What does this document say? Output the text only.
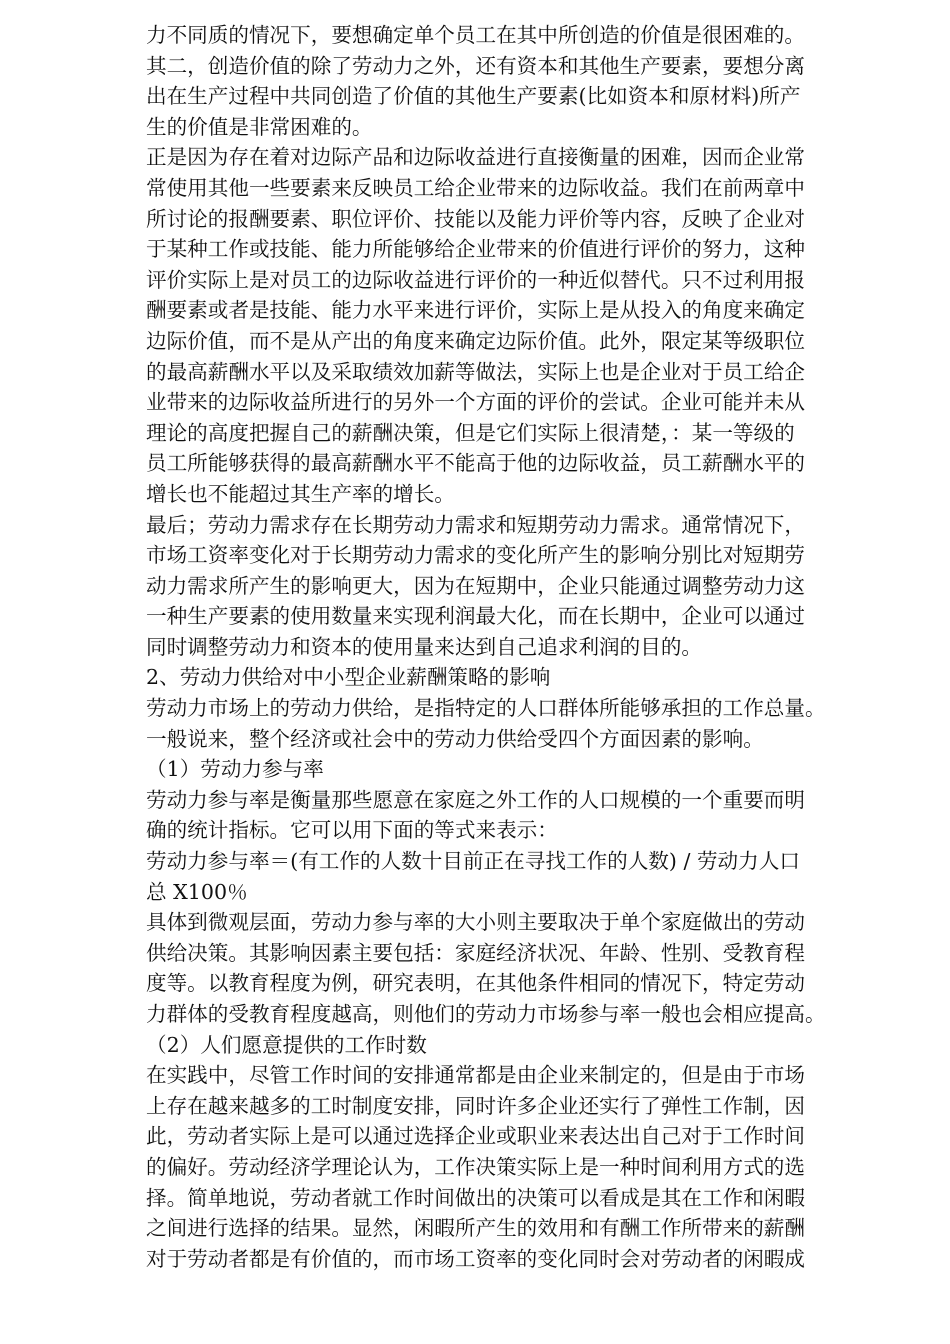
力不同质的情况下，要想确定单个员工在其中所创造的价值是很困难的。
其二，创造价值的除了劳动力之外，还有资本和其他生产要素，要想分离
出在生产过程中共同创造了价值的其他生产要素(比如资本和原材料)所产
生的价值是非常困难的。
正是因为存在着对边际产品和边际收益进行直接衡量的困难，因而企业常
常使用其他一些要素来反映员工给企业带来的边际收益。我们在前两章中
所讨论的报酬要素、职位评价、技能以及能力评价等内容，反映了企业对
于某种工作或技能、能力所能够给企业带来的价值进行评价的努力，这种
评价实际上是对员工的边际收益进行评价的一种近似替代。只不过利用报
酬要素或者是技能、能力水平来进行评价，实际上是从投入的角度来确定
边际价值，而不是从产出的角度来确定边际价值。此外，限定某等级职位
的最高薪酬水平以及采取绩效加薪等做法，实际上也是企业对于员工给企
业带来的边际收益所进行的另外一个方面的评价的尝试。企业可能并未从
理论的高度把握自己的薪酬决策，但是它们实际上很清楚，：某一等级的
员工所能够获得的最高薪酬水平不能高于他的边际收益，员工薪酬水平的
增长也不能超过其生产率的增长。
最后；劳动力需求存在长期劳动力需求和短期劳动力需求。通常情况下，
市场工资率变化对于长期劳动力需求的变化所产生的影响分别比对短期劳
动力需求所产生的影响更大，因为在短期中，企业只能通过调整劳动力这
一种生产要素的使用数量来实现利润最大化，而在长期中，企业可以通过
同时调整劳动力和资本的使用量来达到自己追求利润的目的。
2、劳动力供给对中小型企业薪酬策略的影响
劳动力市场上的劳动力供给，是指特定的人口群体所能够承担的工作总量。
一般说来，整个经济或社会中的劳动力供给受四个方面因素的影响。
（1）劳动力参与率
劳动力参与率是衡量那些愿意在家庭之外工作的人口规模的一个重要而明
确的统计指标。它可以用下面的等式来表示：
劳动力参与率＝(有工作的人数十目前正在寻找工作的人数) / 劳动力人口
总 X100％
具体到微观层面，劳动力参与率的大小则主要取决于单个家庭做出的劳动
供给决策。其影响因素主要包括：家庭经济状况、年龄、性别、受教育程
度等。以教育程度为例，研究表明，在其他条件相同的情况下，特定劳动
力群体的受教育程度越高，则他们的劳动力市场参与率一般也会相应提高。
（2）人们愿意提供的工作时数
在实践中，尽管工作时间的安排通常都是由企业来制定的，但是由于市场
上存在越来越多的工时制度安排，同时许多企业还实行了弹性工作制，因
此，劳动者实际上是可以通过选择企业或职业来表达出自己对于工作时间
的偏好。劳动经济学理论认为，工作决策实际上是一种时间利用方式的选
择。简单地说，劳动者就工作时间做出的决策可以看成是其在工作和闲暇
之间进行选择的结果。显然，闲暇所产生的效用和有酬工作所带来的薪酬
对于劳动者都是有价值的，而市场工资率的变化同时会对劳动者的闲暇成
